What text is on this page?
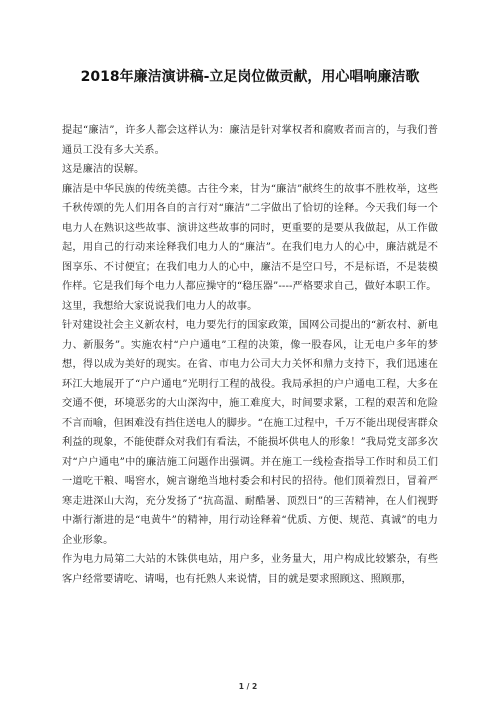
2018年廉洁演讲稿-立足岗位做贡献，用心唱响廉洁歌

提起“廉洁”，许多人都会这样认为：廉洁是针对掌权者和腐败者而言的，与我们普通员工没有多大关系。

这是廉洁的误解。

廉洁是中华民族的传统美德。古往今来，甘为“廉洁”献终生的故事不胜枚举，这些千秋传颂的先人们用各自的言行对“廉洁”二字做出了恰切的诠释。今天我们每一个电力人在熟识这些故事、演讲这些故事的同时，更重要的是要从我做起，从工作做起，用自己的行动来诠释我们电力人的“廉洁”。在我们电力人的心中，廉洁就是不图享乐、不讨便宜；在我们电力人的心中，廉洁不是空口号，不是标语，不是装模作样。它是我们每个电力人都应操守的“稳压器”----严格要求自己，做好本职工作。

这里，我想给大家说说我们电力人的故事。

针对建设社会主义新农村，电力要先行的国家政策，国网公司提出的“新农村、新电力、新服务”。实施农村“户户通电”工程的决策，像一股春风，让无电户多年的梦想，得以成为美好的现实。在省、市电力公司大力关怀和鼎力支持下，我们迅速在环江大地展开了“户户通电”光明行工程的战役。我局承担的户户通电工程，大多在交通不便，环境恶劣的大山深沟中，施工难度大，时间要求紧，工程的艰苦和危险不言而喻，但困难没有挡住送电人的脚步。“在施工过程中，千万不能出现侵害群众利益的现象，不能使群众对我们有看法，不能损坏供电人的形象！”我局党支部多次对“户户通电”中的廉洁施工问题作出强调。并在施工一线检查指导工作时和员工们一道吃干粮、喝窖水，婉言谢绝当地村委会和村民的招待。他们顶着烈日，冒着严寒走进深山大沟，充分发扬了“抗高温、耐酷暑、顶烈日”的三苦精神，在人们视野中渐行渐进的是“电黄牛”的精神，用行动诠释着“优质、方便、规范、真诚”的电力企业形象。

作为电力局第二大站的木铢供电站，用户多，业务量大，用户构成比较繁杂，有些客户经常要请吃、请喝，也有托熟人来说情，目的就是要求照顾这、照顾那，

1 / 2
